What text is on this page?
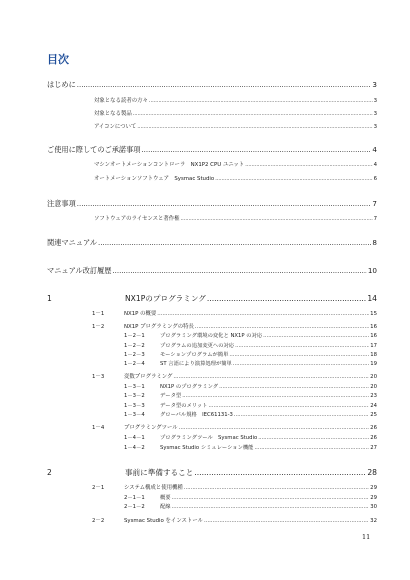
目次
はじめに .....	3
対象となる読者の方々 .....	3
対象となる製品 .....	3
アイコンについて .....	3
ご使用に際してのご承諾事項 .....	4
マシンオートメーションコントローラ　NX1P2 CPU ユニット .....	4
オートメーションソフトウェア　Sysmac Studio .....	6
注意事項 .....	7
ソフトウェアのライセンスと著作権 .....	7
関連マニュアル .....	8
マニュアル改訂履歴 .....	10
1	NX1Pのプログラミング .....	14
1－1	NX1P の概要 .....	15
1－2	NX1P プログラミングの特長 .....	16
1－2－1	プログラミング環境の変化と NX1P の対応 .....	16
1－2－2	プログラムの追加変更への対応 .....	17
1－2－3	モーションプログラムが簡単 .....	18
1－2－4	ST 言語により演算処理が簡単 .....	19
1－3	変数プログラミング .....	20
1－3－1	NX1P のプログラミング .....	20
1－3－2	データ型 .....	23
1－3－3	データ型のメリット .....	24
1－3－4	グローバル規格　IEC61131-3 .....	25
1－4	プログラミングツール .....	26
1－4－1	プログラミングツール　Sysmac Studio .....	26
1－4－2	Sysmac Studio シミュレーション機能 .....	27
2	事前に準備すること .....	28
2－1	システム構成と使用機種 .....	29
2－1－1	概要 .....	29
2－1－2	配線 .....	30
2－2	Sysmac Studio をインストール .....	32
11
